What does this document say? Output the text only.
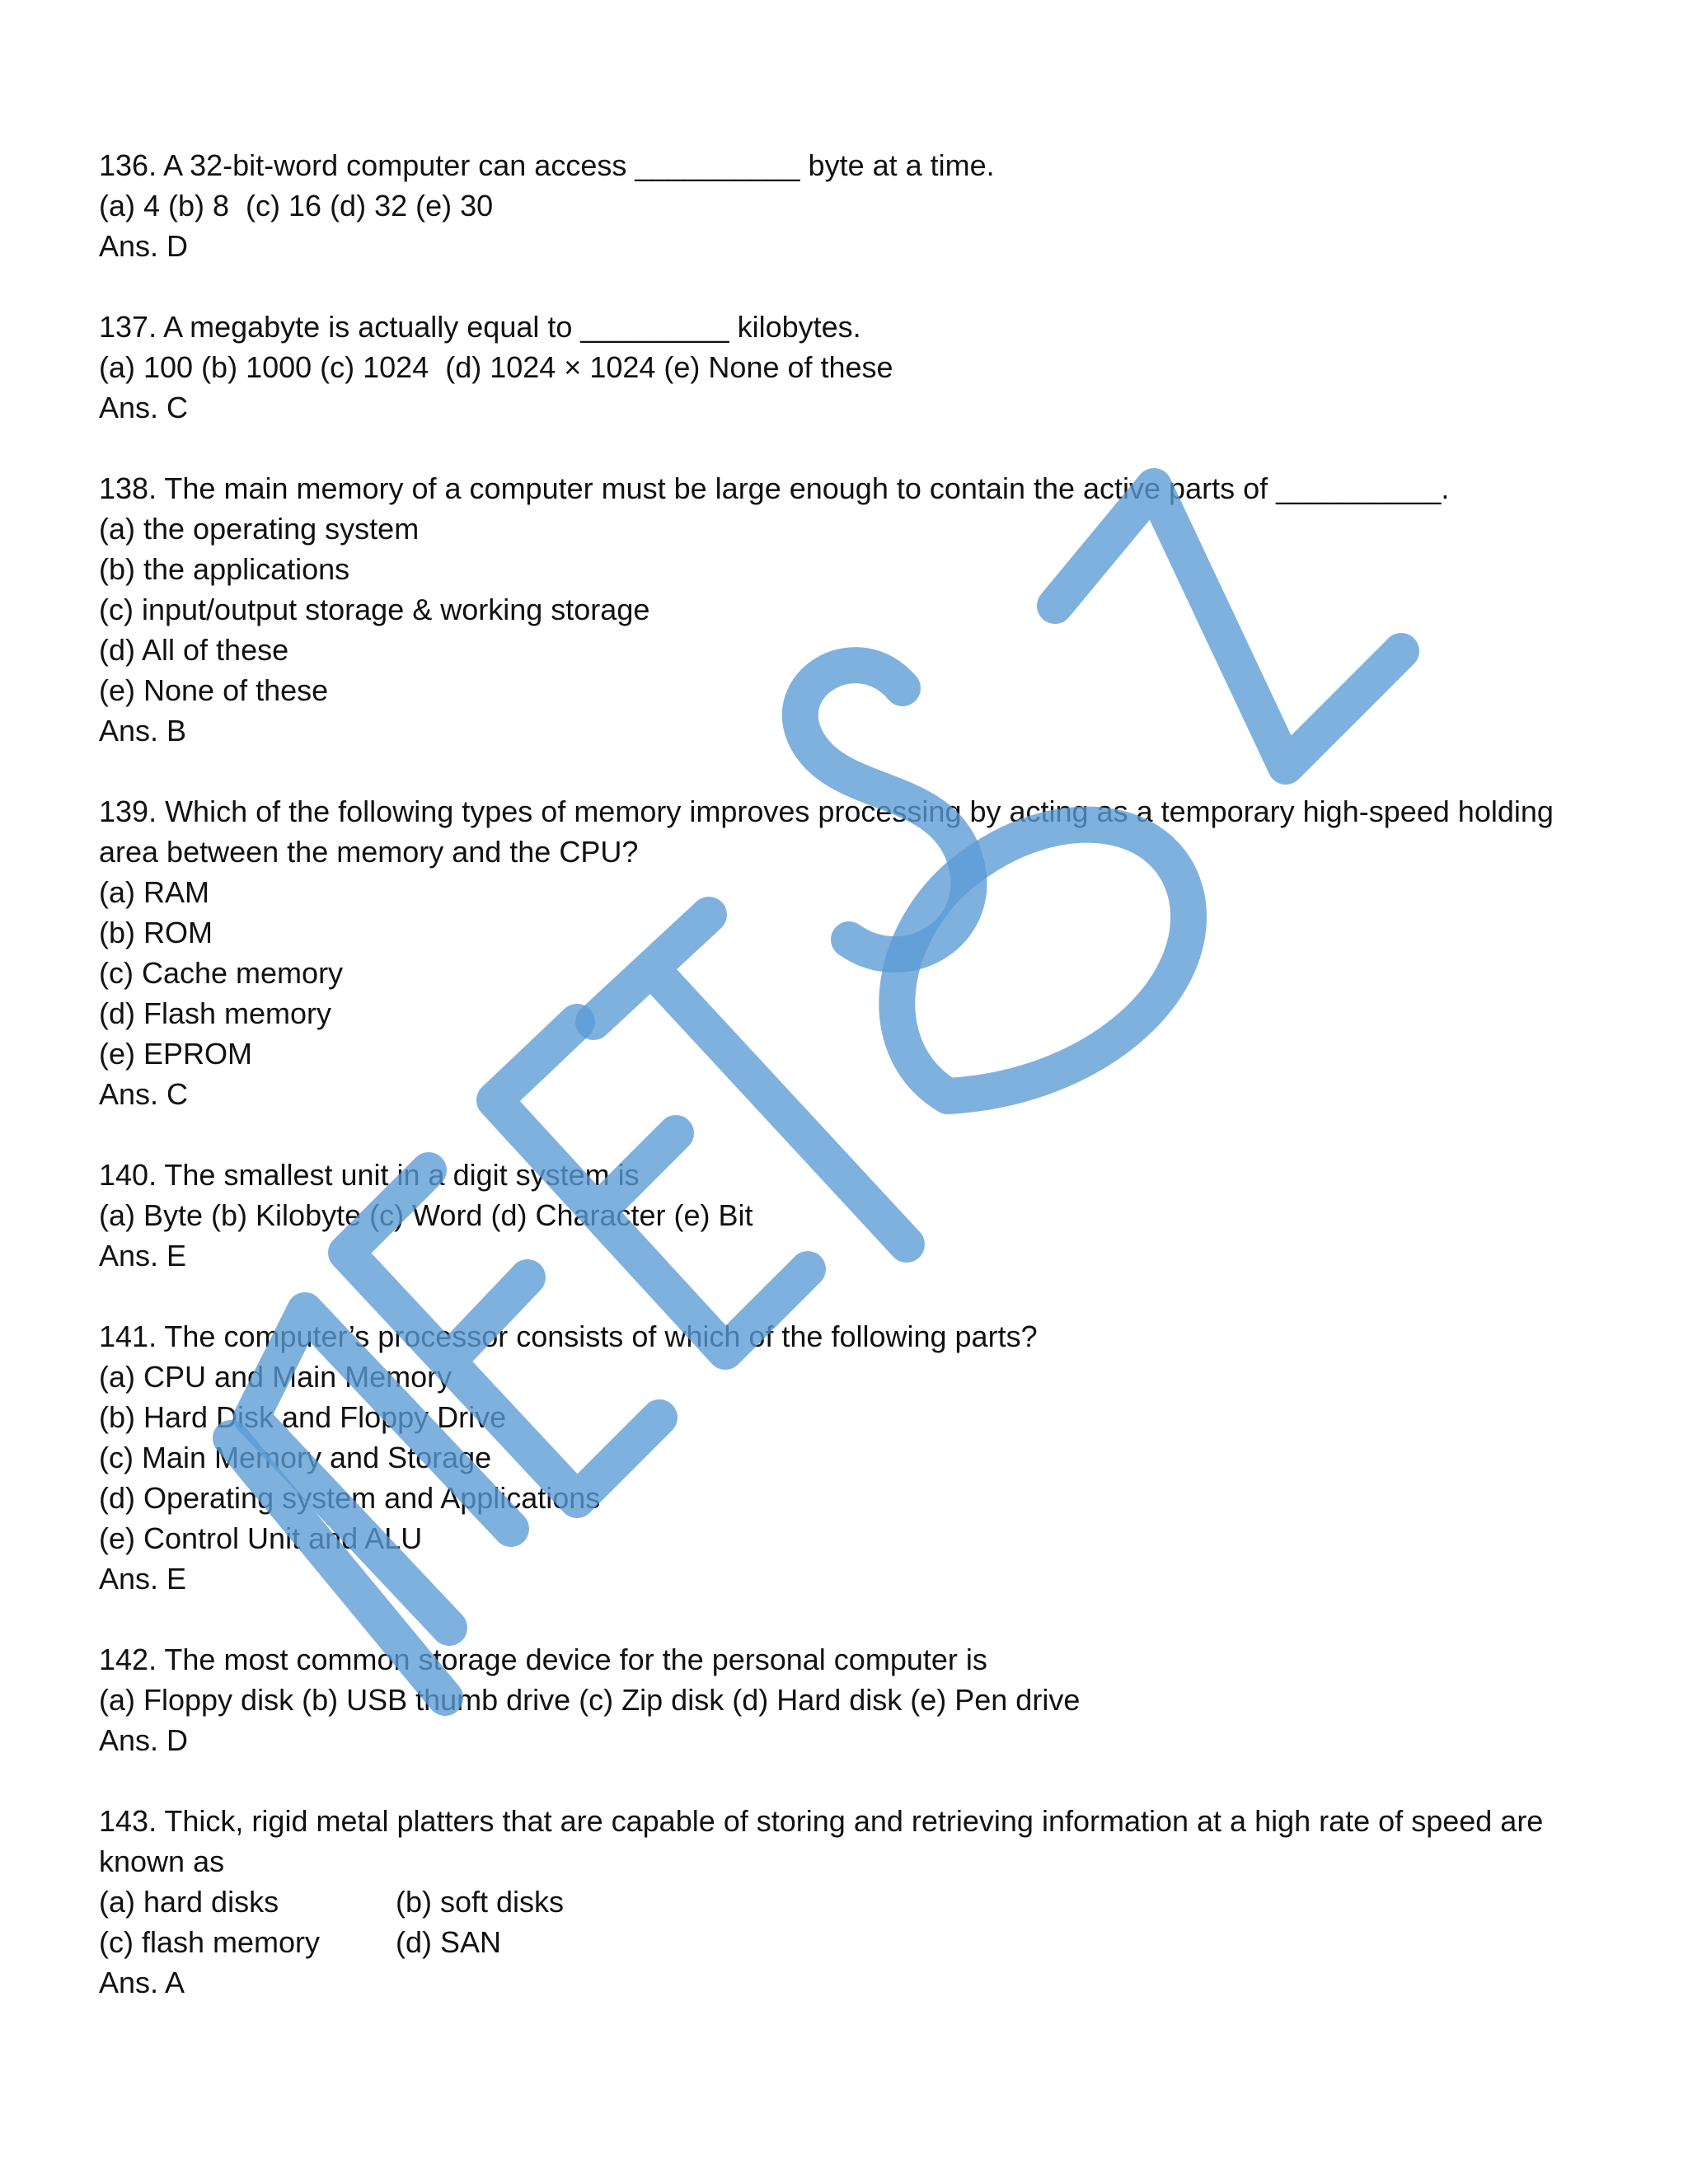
136. A 32-bit-word computer can access __________ byte at a time.
(a) 4 (b) 8  (c) 16 (d) 32 (e) 30
Ans. D
137. A megabyte is actually equal to _________ kilobytes.
(a) 100 (b) 1000 (c) 1024  (d) 1024 × 1024 (e) None of these
Ans. C
138. The main memory of a computer must be large enough to contain the active parts of __________.
(a) the operating system
(b) the applications
(c) input/output storage & working storage
(d) All of these
(e) None of these
Ans. B
139. Which of the following types of memory improves processing by acting as a temporary high-speed holding area between the memory and the CPU?
(a) RAM
(b) ROM
(c) Cache memory
(d) Flash memory
(e) EPROM
Ans. C
140. The smallest unit in a digit system is
(a) Byte (b) Kilobyte (c) Word (d) Character (e) Bit
Ans. E
141. The computer’s processor consists of which of the following parts?
(a) CPU and Main Memory
(b) Hard Disk and Floppy Drive
(c) Main Memory and Storage
(d) Operating system and Applications
(e) Control Unit and ALU
Ans. E
142. The most common storage device for the personal computer is
(a) Floppy disk (b) USB thumb drive (c) Zip disk (d) Hard disk (e) Pen drive
Ans. D
143. Thick, rigid metal platters that are capable of storing and retrieving information at a high rate of speed are known as
(a) hard disks	(b) soft disks
(c) flash memory	(d) SAN
Ans. A
